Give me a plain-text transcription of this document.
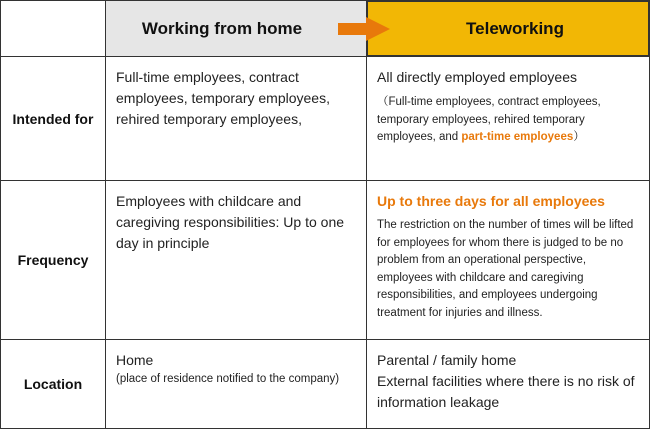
Working from home	Teleworking
Intended for

Full-time employees, contract employees, temporary employees, rehired temporary employees,

All directly employed employees

（Full-time employees, contract employees, temporary employees, rehired temporary employees, and part-time employees）

Frequency

Employees with childcare and caregiving responsibilities: Up to one day in principle

Up to three days for all employees

The restriction on the number of times will be lifted for employees for whom there is judged to be no problem from an operational perspective, employees with childcare and caregiving responsibilities, and employees undergoing treatment for injuries and illness.

Location

Home

(place of residence notified to the company)

Parental / family home

External facilities where there is no risk of information leakage
